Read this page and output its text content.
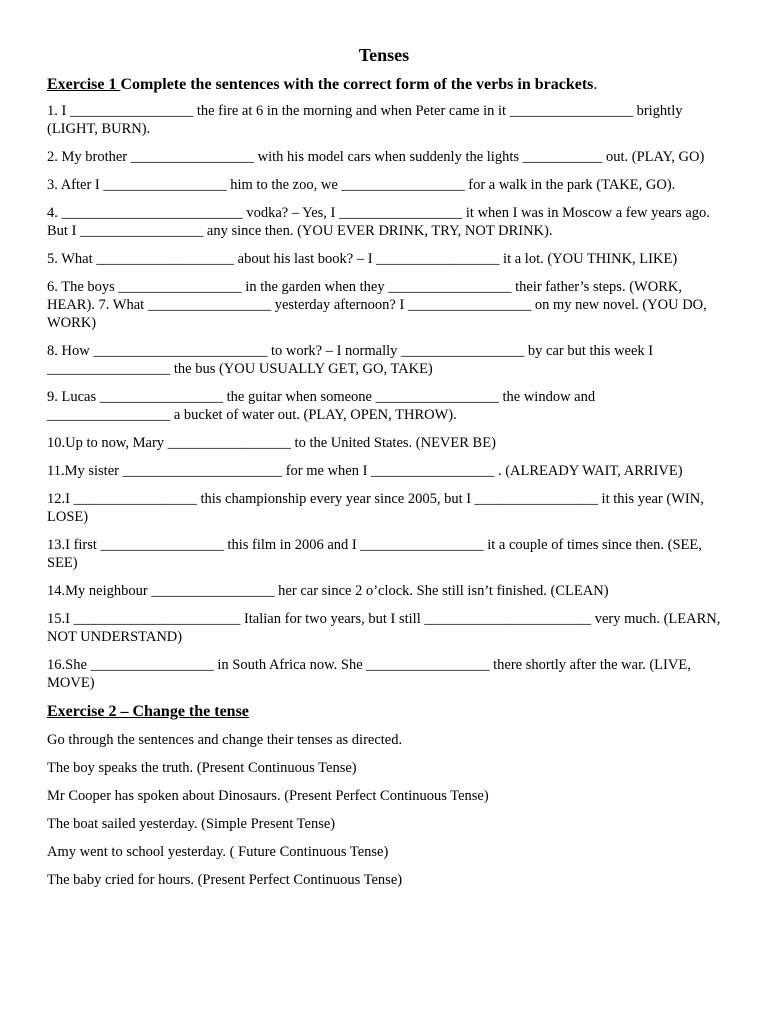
Tenses
Exercise 1 Complete the sentences with the correct form of the verbs in brackets.
1. I _________________ the fire at 6 in the morning and when Peter came in it _________________ brightly (LIGHT, BURN).
2. My brother _________________ with his model cars when suddenly the lights ___________ out. (PLAY, GO)
3. After I _________________ him to the zoo, we _________________ for a walk in the park (TAKE, GO).
4. _________________________ vodka? – Yes, I _________________ it when I was in Moscow a few years ago. But I _________________ any since then. (YOU EVER DRINK, TRY, NOT DRINK).
5. What ___________________ about his last book? – I _________________ it a lot. (YOU THINK, LIKE)
6. The boys _________________ in the garden when they _________________ their father’s steps. (WORK, HEAR). 7. What _________________ yesterday afternoon? I _________________ on my new novel. (YOU DO, WORK)
8. How ________________________ to work? – I normally _________________ by car but this week I _________________ the bus (YOU USUALLY GET, GO, TAKE)
9. Lucas _________________ the guitar when someone _________________ the window and _________________ a bucket of water out. (PLAY, OPEN, THROW).
10.Up to now, Mary _________________ to the United States. (NEVER BE)
11.My sister ______________________ for me when I _________________ . (ALREADY WAIT, ARRIVE)
12.I _________________ this championship every year since 2005, but I _________________ it this year (WIN, LOSE)
13.I first _________________ this film in 2006 and I _________________ it a couple of times since then. (SEE, SEE)
14.My neighbour _________________ her car since 2 o’clock. She still isn’t finished. (CLEAN)
15.I _______________________ Italian for two years, but I still _______________________ very much. (LEARN, NOT UNDERSTAND)
16.She _________________ in South Africa now. She _________________ there shortly after the war. (LIVE, MOVE)
Exercise 2 – Change the tense
Go through the sentences and change their tenses as directed.
The boy speaks the truth. (Present Continuous Tense)
Mr Cooper has spoken about Dinosaurs. (Present Perfect Continuous Tense)
The boat sailed yesterday. (Simple Present Tense)
Amy went to school yesterday. ( Future Continuous Tense)
The baby cried for hours. (Present Perfect Continuous Tense)
